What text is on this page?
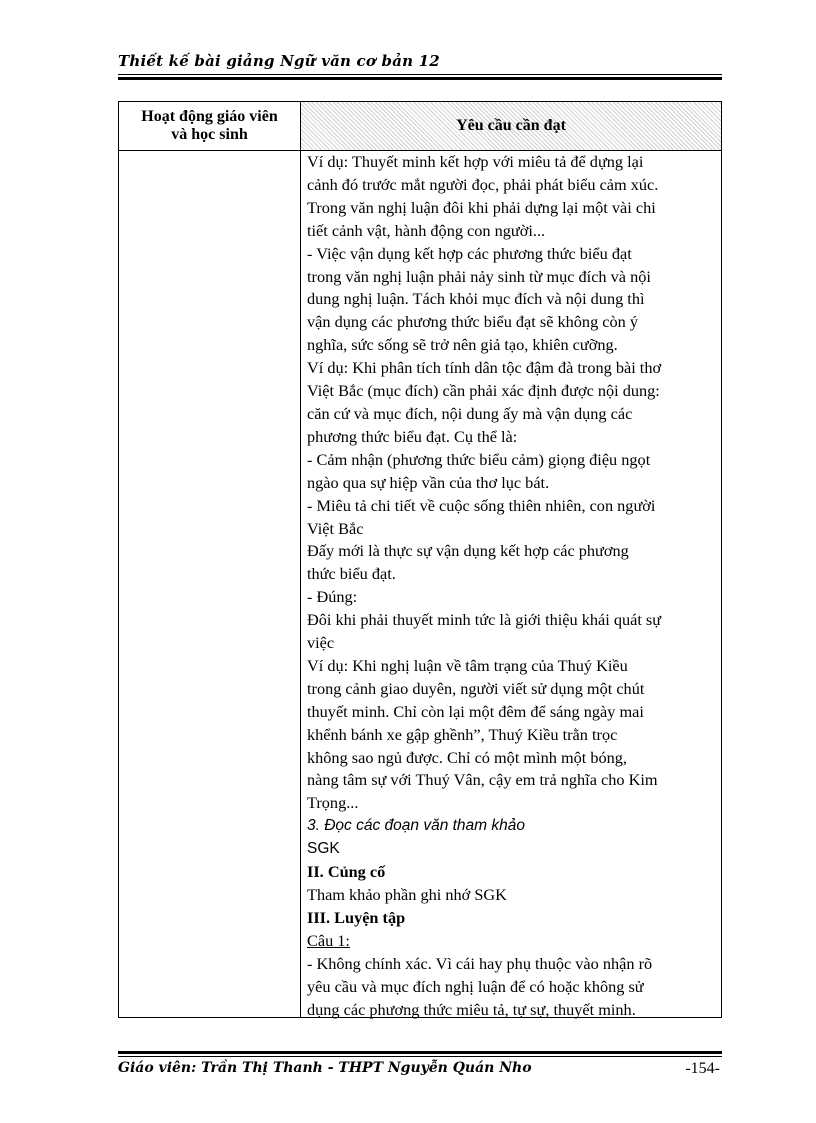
Thiết kế bài giảng Ngữ văn cơ bản 12
Hoạt động giáo viên
và học sinh
Yêu cầu cần đạt
Ví dụ: Thuyết minh kết hợp với miêu tả để dựng lại
cảnh đó trước mắt người đọc, phải phát biểu cảm xúc.
Trong văn nghị luận đôi khi phải dựng lại một vài chi
tiết cảnh vật, hành động con người...
- Việc vận dụng kết hợp các phương thức biểu đạt
trong văn nghị luận phải nảy sinh từ mục đích và nội
dung nghị luận. Tách khỏi mục đích và nội dung thì
vận dụng các phương thức biểu đạt sẽ không còn ý
nghĩa, sức sống sẽ trở nên giả tạo, khiên cưỡng.
Ví dụ: Khi phân tích tính dân tộc đậm đà trong bài thơ
Việt Bắc (mục đích) cần phải xác định được nội dung:
căn cứ và mục đích, nội dung ấy mà vận dụng các
phương thức biểu đạt. Cụ thể là:
- Cảm nhận (phương thức biểu cảm) giọng điệu ngọt
ngào qua sự hiệp vần của thơ lục bát.
- Miêu tả chi tiết về cuộc sống thiên nhiên, con người
Việt Bắc
Đấy mới là thực sự vận dụng kết hợp các phương
thức biểu đạt.
- Đúng:
Đôi khi phải thuyết minh tức là giới thiệu khái quát sự
việc
Ví dụ: Khi nghị luận về tâm trạng của Thuý Kiều
trong cảnh giao duyên, người viết sử dụng một chút
thuyết minh. Chỉ còn lại một đêm để sáng ngày mai
khểnh bánh xe gập ghềnh”, Thuý Kiều trằn trọc
không sao ngủ được. Chỉ có một mình một bóng,
nàng tâm sự với Thuý Vân, cậy em trả nghĩa cho Kim
Trọng...
3. Đọc các đoạn văn tham khảo
SGK
II. Củng cố
Tham khảo phần ghi nhớ SGK
III. Luyện tập
Câu 1:
- Không chính xác. Vì cái hay phụ thuộc vào nhận rõ
yêu cầu và mục đích nghị luận để có hoặc không sử
dụng các phương thức miêu tả, tự sự, thuyết minh.
Giáo viên: Trần Thị Thanh - THPT Nguyễn Quán Nho	-154-
